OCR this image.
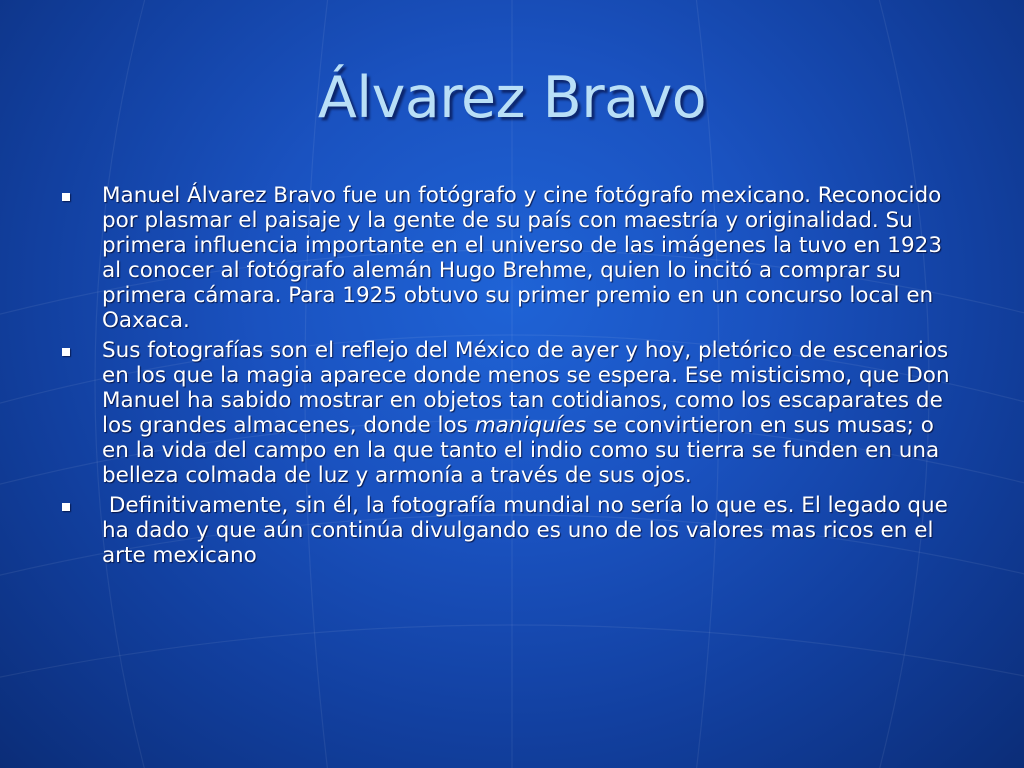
Álvarez Bravo
Manuel Álvarez Bravo fue un fotógrafo y cine fotógrafo mexicano. Reconocido por plasmar el paisaje y la gente de su país con maestría y originalidad. Su primera influencia importante en el universo de las imágenes la tuvo en 1923 al conocer al fotógrafo alemán Hugo Brehme, quien lo incitó a comprar su primera cámara. Para 1925 obtuvo su primer premio en un concurso local en Oaxaca.
Sus fotografías son el reflejo del México de ayer y hoy, pletórico de escenarios en los que la magia aparece donde menos se espera. Ese misticismo, que Don Manuel ha sabido mostrar en objetos tan cotidianos, como los escaparates de los grandes almacenes, donde los maniquíes se convirtieron en sus musas; o en la vida del campo en la que tanto el indio como su tierra se funden en una belleza colmada de luz y armonía a través de sus ojos.
Definitivamente, sin él, la fotografía mundial no sería lo que es. El legado que ha dado y que aún continúa divulgando es uno de los valores mas ricos en el arte mexicano
